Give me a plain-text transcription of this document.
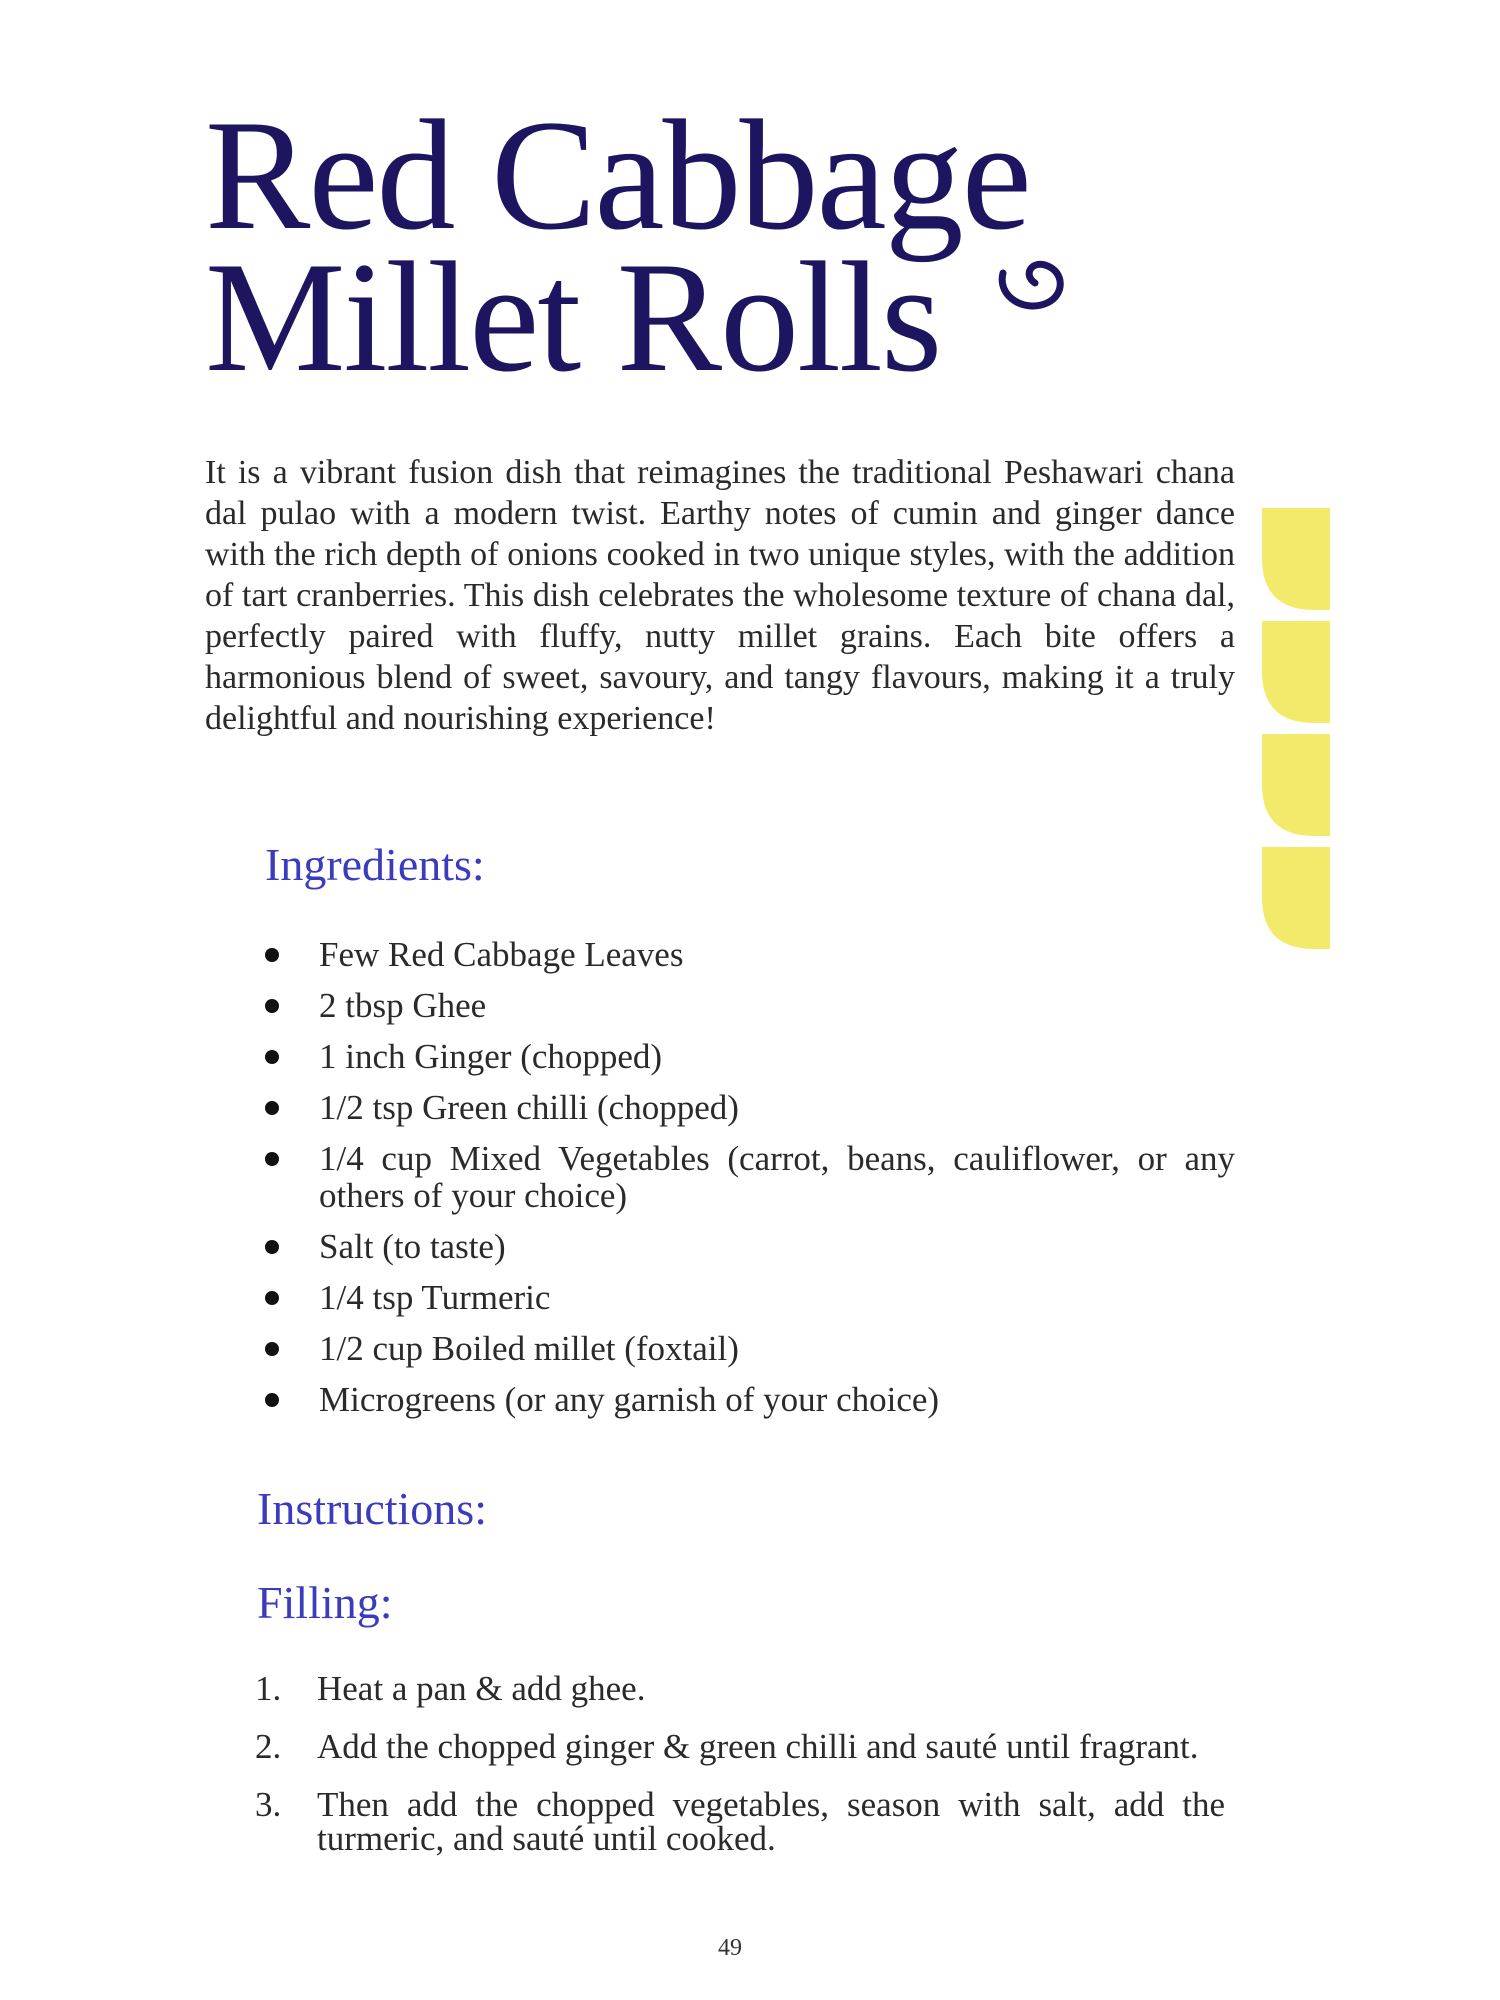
Red Cabbage
Millet Rolls

It is a vibrant fusion dish that reimagines the traditional Peshawari chana dal pulao with a modern twist. Earthy notes of cumin and ginger dance with the rich depth of onions cooked in two unique styles, with the addition of tart cranberries. This dish celebrates the wholesome texture of chana dal, perfectly paired with fluffy, nutty millet grains. Each bite offers a harmonious blend of sweet, savoury, and tangy flavours, making it a truly delightful and nourishing experience!

Ingredients:
Few Red Cabbage Leaves
2 tbsp Ghee
1 inch Ginger (chopped)
1/2 tsp Green chilli (chopped)
1/4 cup Mixed Vegetables (carrot, beans, cauliflower, or any others of your choice)
Salt (to taste)
1/4 tsp Turmeric
1/2 cup Boiled millet (foxtail)
Microgreens (or any garnish of your choice)
Instructions:
Filling:
1. Heat a pan & add ghee.
2. Add the chopped ginger & green chilli and sauté until fragrant.
3. Then add the chopped vegetables, season with salt, add the turmeric, and sauté until cooked.
49
